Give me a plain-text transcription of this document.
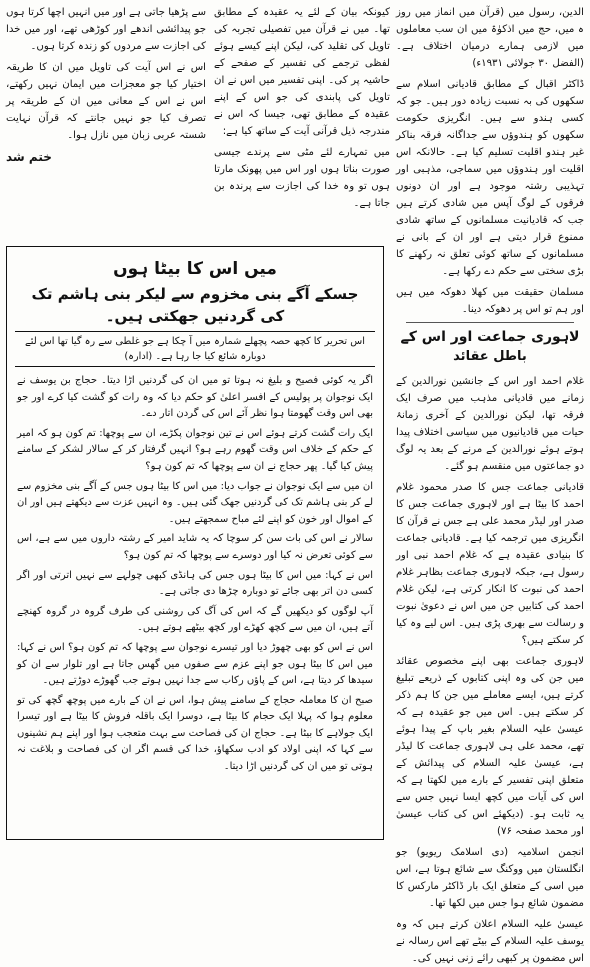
الدین، رسول میں (قرآن میں انماز میں روز ہ میں، حج میں اذکوٰۃ میں ان سب معاملوں میں لازمی ہمارے درمیان اختلاف ہے۔ (الفضل ۳۰ جولائی ۱۹۳۱ء)

ڈاکٹر اقبال کے مطابق قادیانی اسلام سے سکھوں کی بہ نسبت زیادہ دور ہیں۔ جو کہ کسی ہندو سے ہیں۔ انگریزی حکومت سکھوں کو ہندوؤں سے جداگانہ فرقہ بناکر غیر ہندو اقلیت تسلیم کیا ہے۔ حالانکہ اس اقلیت اور ہندوؤں میں سماجی، مذہبی اور تہذیبی رشتہ موجود ہے اور ان دونوں فرقوں کے لوگ آپس میں شادی کرتے ہیں جب کہ قادیانیت مسلمانوں کے ساتھ شادی ممنوع قرار دیتی ہے اور ان کے بانی نے مسلمانوں کے ساتھ کوئی تعلق نہ رکھنے کا بڑی سختی سے حکم دے رکھا ہے۔

مسلمان حقیقت میں کھلا دھوکہ میں ہیں اور ہم تو اس پر دھوکہ دینا۔

لاہوری جماعت اور اس کے
باطل عقائد

غلام احمد اور اس کے جانشین نورالدین کے زمانے میں قادیانی مذہب میں صرف ایک فرقہ تھا، لیکن نورالدین کے آخری زمانۂ حیات میں قادیانیوں میں سیاسی اختلاف پیدا ہوتے ہوئے نورالدین کے مرنے کے بعد یہ لوگ دو جماعتوں میں منقسم ہو گئے۔

قادیانی جماعت جس کا صدر محمود غلام احمد کا بیٹا ہے اور لاہوری جماعت جس کا صدر اور لیڈر محمد علی ہے جس نے قرآن کا انگریزی میں ترجمہ کیا ہے۔ قادیانی جماعت کا بنیادی عقیدہ ہے کہ غلام احمد نبی اور رسول ہے، جبکہ لاہوری جماعت بظاہر غلام احمد کی نبوت کا انکار کرتی ہے، لیکن غلام احمد کی کتابیں جن میں اس نے دعویٰ نبوت و رسالت سے بھری پڑی ہیں۔ اس لیے وہ کیا کر سکتے ہیں؟

لاہوری جماعت بھی اپنے مخصوص عقائد میں جن کی وہ اپنی کتابوں کے ذریعے تبلیغ کرتے ہیں، ایسے معاملے میں جن کا ہم ذکر کر سکتے ہیں۔ اس میں جو عقیدہ ہے کہ عیسیٰ علیہ السلام بغیر باپ کے پیدا ہوئے تھے، محمد علی ہی لاہوری جماعت کا لیڈر ہے، عیسیٰ علیہ السلام کی پیدائش کے متعلق اپنی تفسیر کے بارے میں لکھتا ہے کہ اس کی آیات میں کچھ ایسا نہیں جس سے یہ ثابت ہو۔ (دیکھئے اس کی کتاب عیسیٰ اور محمد صفحہ ۷۶)

انجمن اسلامیہ (دی اسلامک ریویو) جو انگلستان میں ووکنگ سے شائع ہوتا ہے، اس میں اسی کے متعلق ایک بار ڈاکٹر مارکس کا مضمون شائع ہوا جس میں لکھا تھا۔

عیسیٰ علیہ السلام اعلان کرتے ہیں کہ وہ یوسف علیہ السلام کے بیٹے تھے اس رسالہ نے اس مضمون پر کبھی رائے زنی نہیں کی۔

کیونکہ بیان کے لئے یہ عقیدہ کے مطابق تھا۔ میں نے قرآن میں تفصیلی تجربہ کی تاویل کی تقلید کی، لیکن اپنے کیسے ہوئے لفظی ترجمے کی تفسیر کے صفحے کے حاشیہ پر کی۔ اپنی تفسیر میں اس نے ان تاویل کی پابندی کی جو اس کے اپنے عقیدہ کے مطابق تھی، جیسا کہ اس نے مندرجہ ذیل قرآنی آیت کے ساتھ کیا ہے:

میں تمہارے لئے مٹی سے پرندے جیسی صورت بناتا ہوں اور اس میں پھونک مارتا ہوں تو وہ خدا کی اجازت سے پرندہ بن جاتا ہے۔

سے پڑھیا جاتی ہے اور میں انہیں اچھا کرتا ہوں جو پیدائشی اندھے اور کوڑھی تھے، اور میں خدا کی اجازت سے مردوں کو زندہ کرتا ہوں۔

اس نے اس آیت کی تاویل میں ان کا طریقہ اختیار کیا جو معجزات میں ایمان نہیں رکھتے، اس نے اس کے معانی میں ان کے طریقہ پر تصرف کیا جو نہیں جانتے کہ قرآن نہایت شستہ عربی زبان میں نازل ہوا۔

ختم شد
میں اس کا بیٹا ہوں
جسکے آگے بنی مخزوم سے لیکر بنی ہاشم تک کی گردنیں جھکتی ہیں۔
اس تحریر کا کچھ حصہ پچھلے شمارہ میں آ چکا ہے جو غلطی سے رہ گیا تھا اس لئے دوبارہ شائع کیا جا رہا ہے۔ (ادارہ)

اگر یہ کوئی فصیح و بلیغ نہ ہوتا تو میں ان کی گردنیں اڑا دیتا۔ حجاج بن یوسف نے ایک نوجوان پر پولیس کے افسر اعلیٰ کو حکم دیا کہ وہ رات کو گشت کیا کرے اور جو بھی اس وقت گھومتا ہوا نظر آئے اس کی گردن اتار دے۔

ایک رات گشت کرتے ہوئے اس نے تین نوجوان پکڑے، ان سے پوچھا: تم کون ہو کہ امیر کے حکم کے خلاف اس وقت گھوم رہے ہو؟ انہیں گرفتار کر کے سالار لشکر کے سامنے پیش کیا گیا۔ پھر حجاج نے ان سے پوچھا کہ تم کون ہو؟

ان میں سے ایک نوجوان نے جواب دیا: میں اس کا بیٹا ہوں جس کے آگے بنی مخزوم سے لے کر بنی ہاشم تک کی گردنیں جھک گئی ہیں۔ وہ انہیں عزت سے دیکھتے ہیں اور ان کے اموال اور خون کو اپنے لئے مباح سمجھتے ہیں۔

سالار نے اس کی بات سن کر سوچا کہ یہ شاید امیر کے رشتہ داروں میں سے ہے، اس سے کوئی تعرض نہ کیا اور دوسرے سے پوچھا کہ تم کون ہو؟

اس نے کہا: میں اس کا بیٹا ہوں جس کی ہانڈی کبھی چولہے سے نہیں اترتی اور اگر کسی دن اتر بھی جائے تو دوبارہ چڑھا دی جاتی ہے۔

آپ لوگوں کو دیکھیں گے کہ اس کی آگ کی روشنی کی طرف گروہ در گروہ کھنچے آتے ہیں، ان میں سے کچھ کھڑے اور کچھ بیٹھے ہوتے ہیں۔

اس نے اس کو بھی چھوڑ دیا اور تیسرے نوجوان سے پوچھا کہ تم کون ہو؟ اس نے کہا: میں اس کا بیٹا ہوں جو اپنے عزم سے صفوں میں گھس جاتا ہے اور تلوار سے ان کو سیدھا کر دیتا ہے، اس کے پاؤں رکاب سے جدا نہیں ہوتے جب گھوڑے دوڑتے ہیں۔

صبح ان کا معاملہ حجاج کے سامنے پیش ہوا، اس نے ان کے بارے میں پوچھ گچھ کی تو معلوم ہوا کہ پہلا ایک حجام کا بیٹا ہے، دوسرا ایک باقلہ فروش کا بیٹا ہے اور تیسرا ایک جولاہے کا بیٹا ہے۔ حجاج ان کی فصاحت سے بہت متعجب ہوا اور اپنے ہم نشینوں سے کہا کہ اپنی اولاد کو ادب سکھاؤ، خدا کی قسم اگر ان کی فصاحت و بلاغت نہ ہوتی تو میں ان کی گردنیں اڑا دیتا۔
